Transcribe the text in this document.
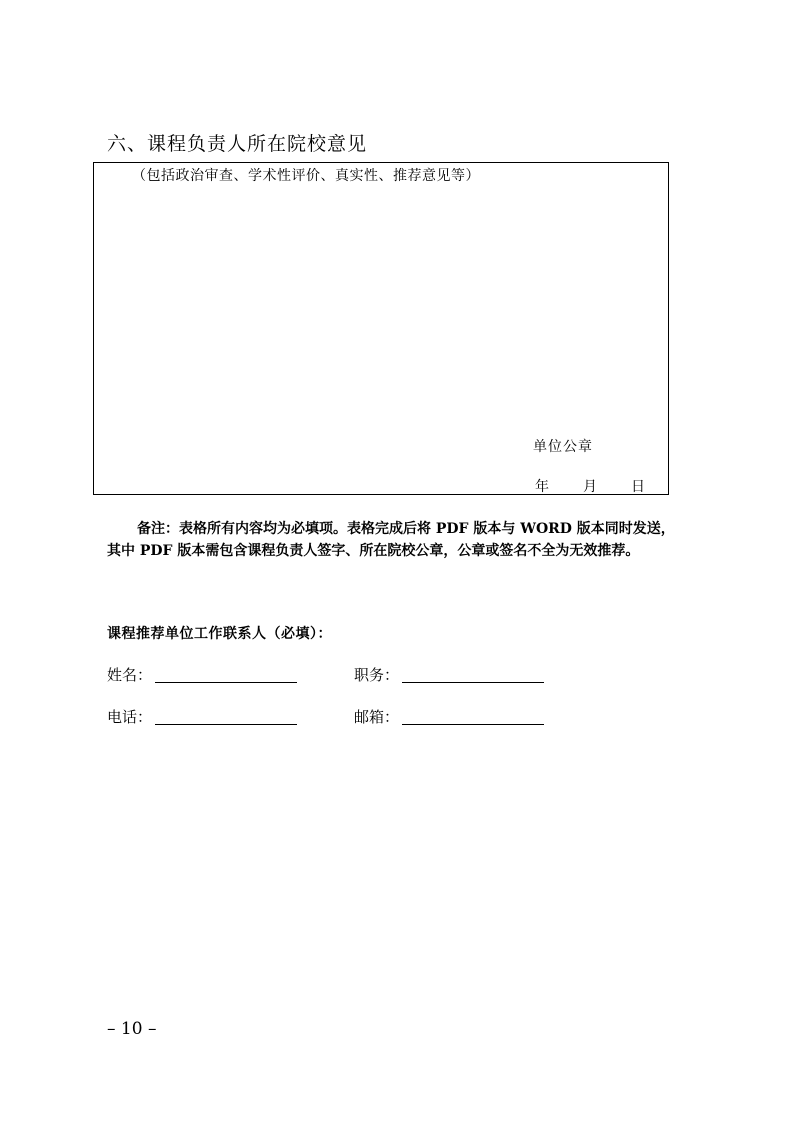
六、课程负责人所在院校意见
（包括政治审查、学术性评价、真实性、推荐意见等）
单位公章
年 月 日
备注：表格所有内容均为必填项。表格完成后将 PDF 版本与 WORD 版本同时发送，
其中 PDF 版本需包含课程负责人签字、所在院校公章，公章或签名不全为无效推荐。
课程推荐单位工作联系人（必填）：
姓名：	职务：
电话：	邮箱：
– 10 –
